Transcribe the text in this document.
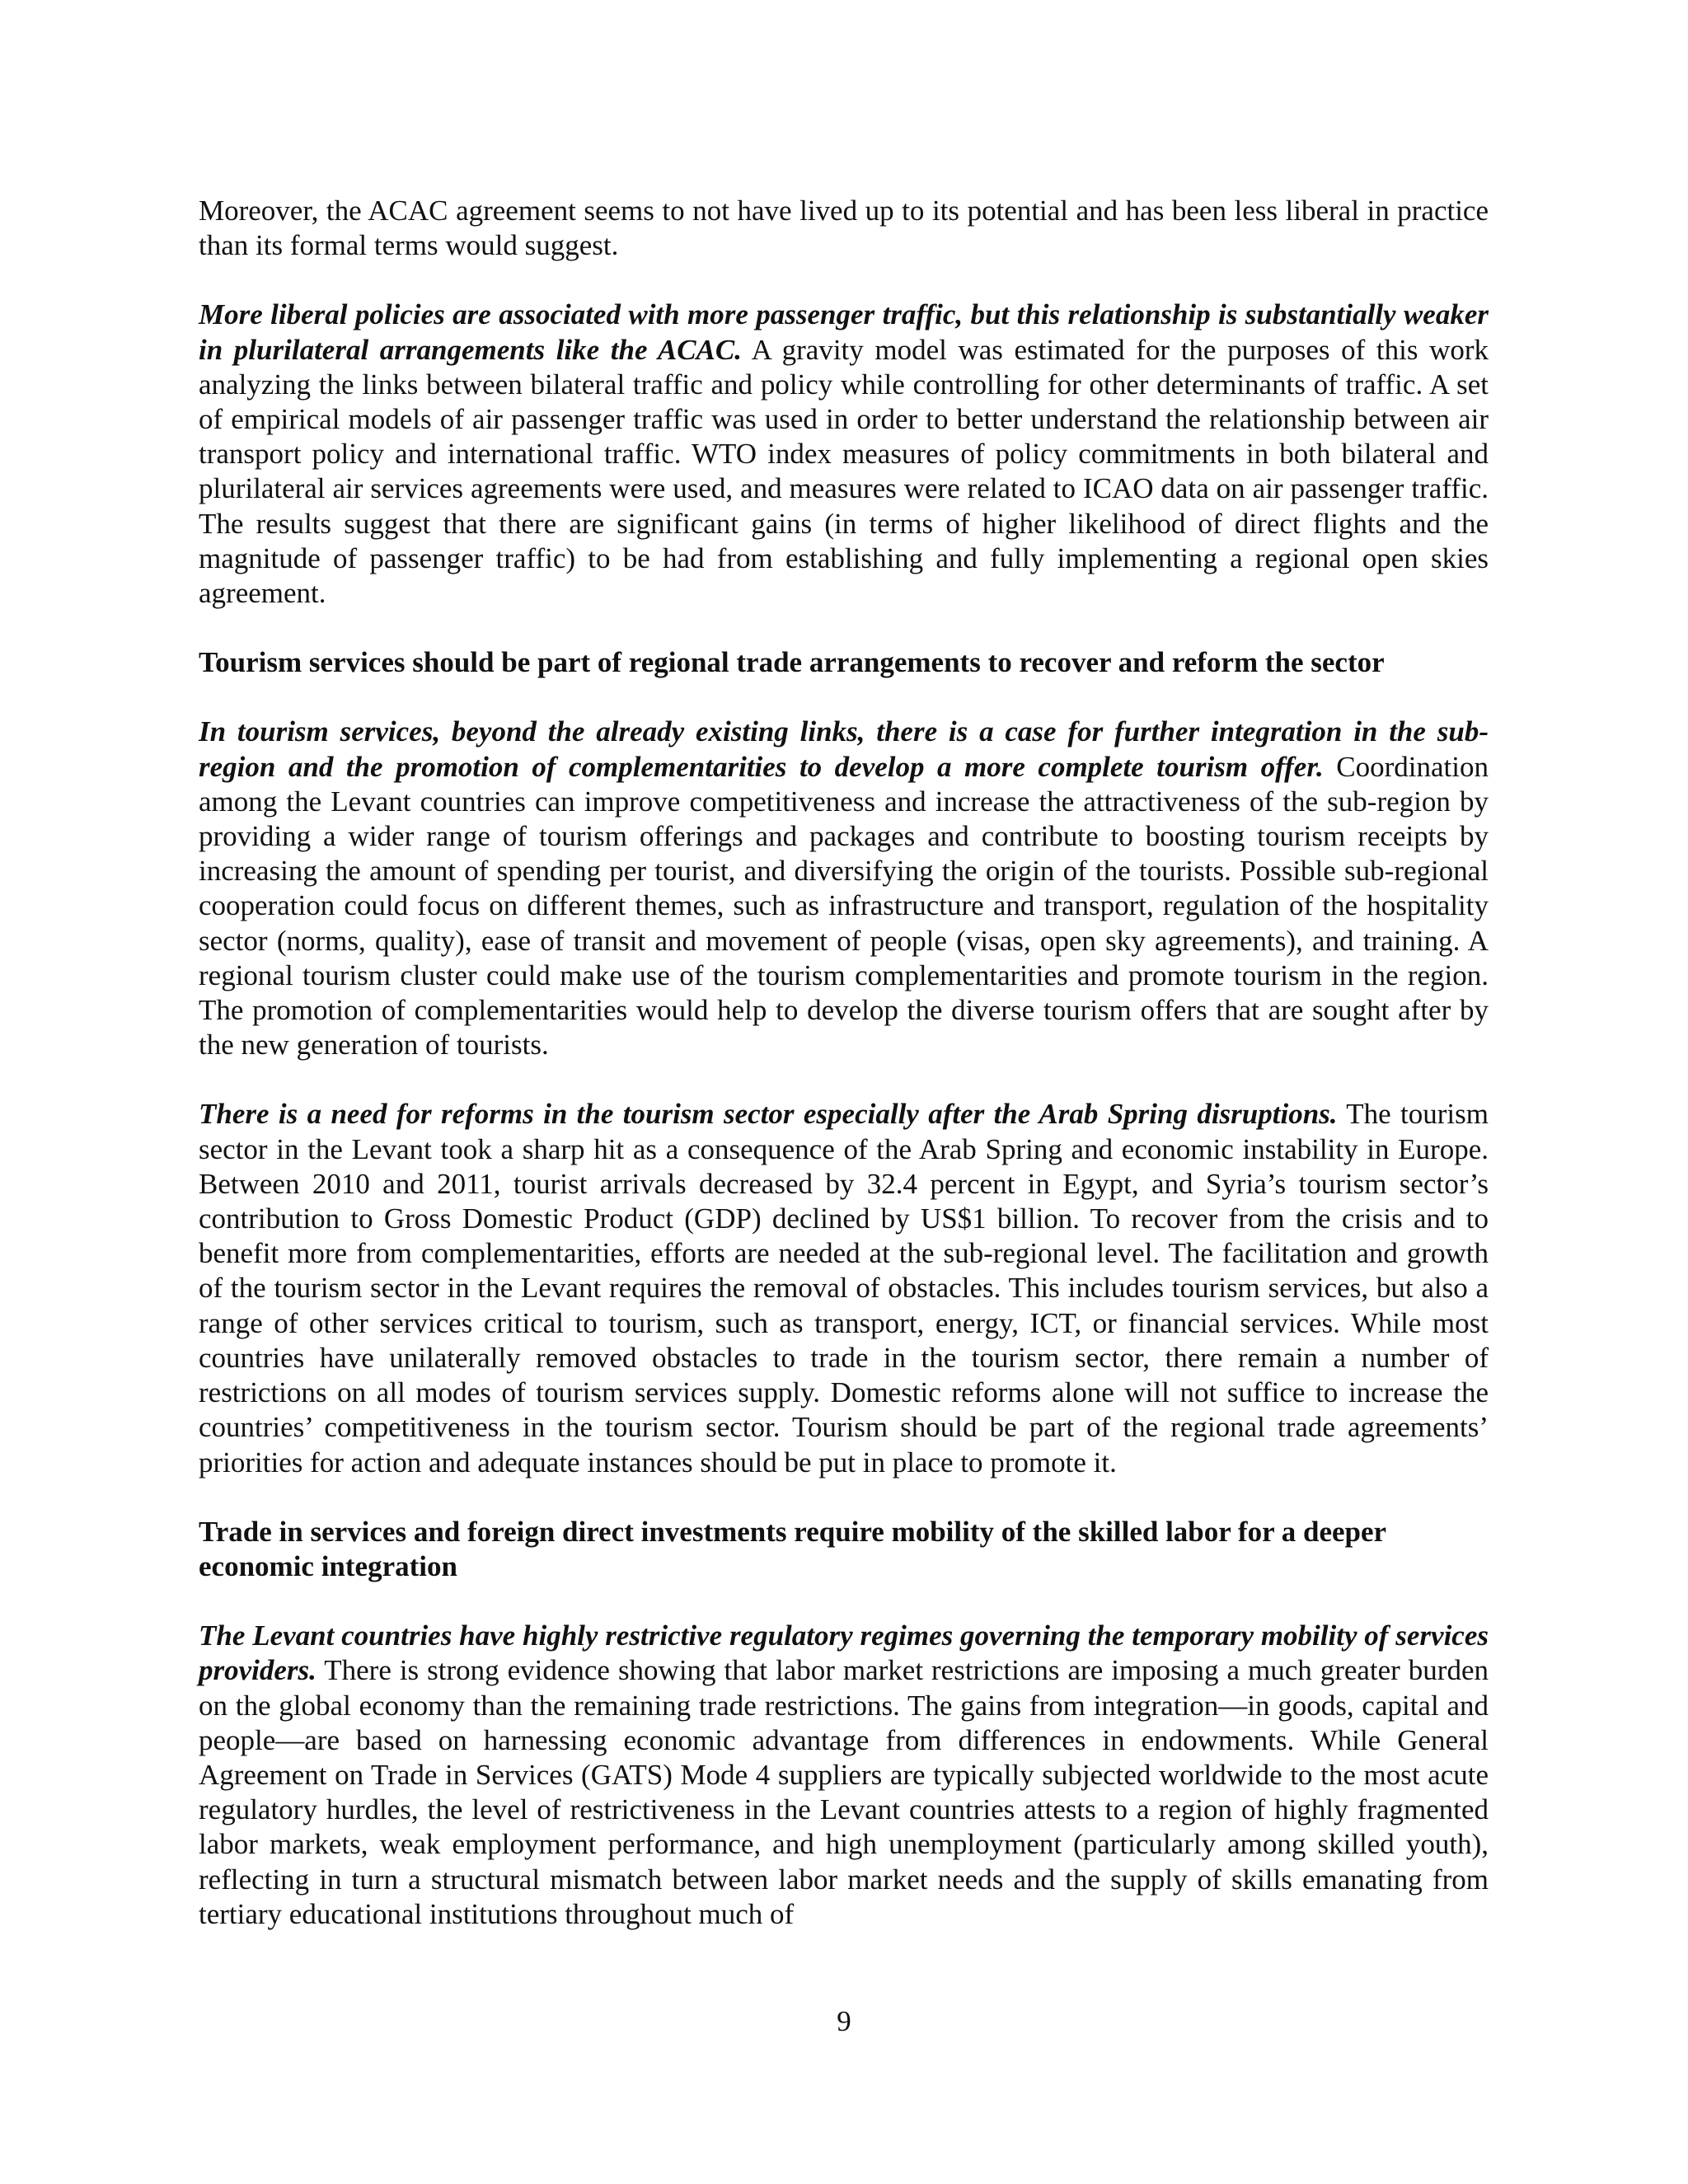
Moreover, the ACAC agreement seems to not have lived up to its potential and has been less liberal in practice than its formal terms would suggest.

More liberal policies are associated with more passenger traffic, but this relationship is substantially weaker in plurilateral arrangements like the ACAC. A gravity model was estimated for the purposes of this work analyzing the links between bilateral traffic and policy while controlling for other determinants of traffic. A set of empirical models of air passenger traffic was used in order to better understand the relationship between air transport policy and international traffic. WTO index measures of policy commitments in both bilateral and plurilateral air services agreements were used, and measures were related to ICAO data on air passenger traffic. The results suggest that there are significant gains (in terms of higher likelihood of direct flights and the magnitude of passenger traffic) to be had from establishing and fully implementing a regional open skies agreement.

Tourism services should be part of regional trade arrangements to recover and reform the sector

In tourism services, beyond the already existing links, there is a case for further integration in the sub-region and the promotion of complementarities to develop a more complete tourism offer. Coordination among the Levant countries can improve competitiveness and increase the attractiveness of the sub-region by providing a wider range of tourism offerings and packages and contribute to boosting tourism receipts by increasing the amount of spending per tourist, and diversifying the origin of the tourists. Possible sub-regional cooperation could focus on different themes, such as infrastructure and transport, regulation of the hospitality sector (norms, quality), ease of transit and movement of people (visas, open sky agreements), and training. A regional tourism cluster could make use of the tourism complementarities and promote tourism in the region. The promotion of complementarities would help to develop the diverse tourism offers that are sought after by the new generation of tourists.

There is a need for reforms in the tourism sector especially after the Arab Spring disruptions. The tourism sector in the Levant took a sharp hit as a consequence of the Arab Spring and economic instability in Europe. Between 2010 and 2011, tourist arrivals decreased by 32.4 percent in Egypt, and Syria’s tourism sector’s contribution to Gross Domestic Product (GDP) declined by US$1 billion. To recover from the crisis and to benefit more from complementarities, efforts are needed at the sub-regional level. The facilitation and growth of the tourism sector in the Levant requires the removal of obstacles. This includes tourism services, but also a range of other services critical to tourism, such as transport, energy, ICT, or financial services. While most countries have unilaterally removed obstacles to trade in the tourism sector, there remain a number of restrictions on all modes of tourism services supply. Domestic reforms alone will not suffice to increase the countries’ competitiveness in the tourism sector. Tourism should be part of the regional trade agreements’ priorities for action and adequate instances should be put in place to promote it.

Trade in services and foreign direct investments require mobility of the skilled labor for a deeper economic integration

The Levant countries have highly restrictive regulatory regimes governing the temporary mobility of services providers. There is strong evidence showing that labor market restrictions are imposing a much greater burden on the global economy than the remaining trade restrictions. The gains from integration—in goods, capital and people—are based on harnessing economic advantage from differences in endowments. While General Agreement on Trade in Services (GATS) Mode 4 suppliers are typically subjected worldwide to the most acute regulatory hurdles, the level of restrictiveness in the Levant countries attests to a region of highly fragmented labor markets, weak employment performance, and high unemployment (particularly among skilled youth), reflecting in turn a structural mismatch between labor market needs and the supply of skills emanating from tertiary educational institutions throughout much of

9
